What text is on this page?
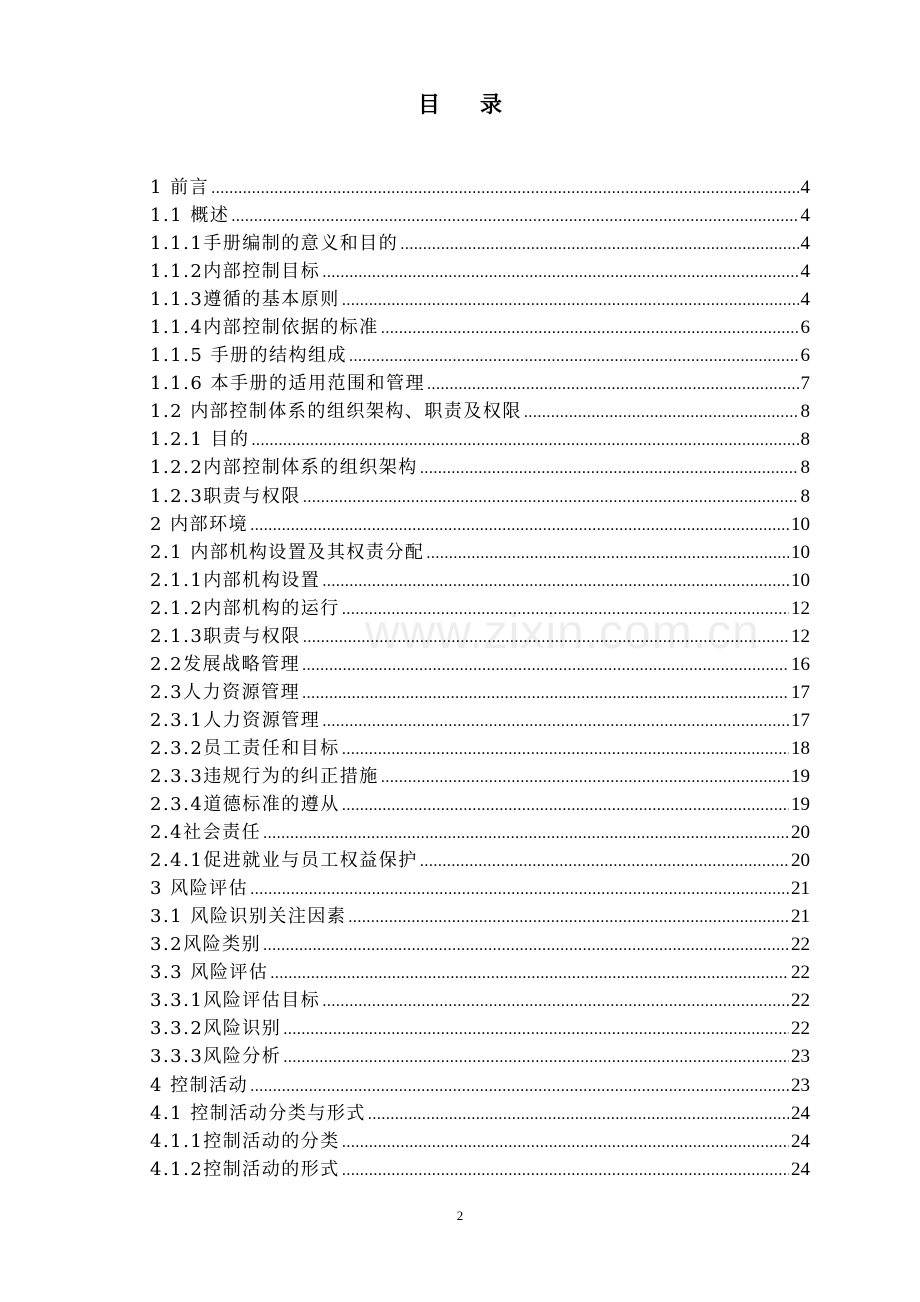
目录
1 前言 .....	4
1.1 概述 .....	4
1.1.1手册编制的意义和目的 .....	4
1.1.2内部控制目标 .....	4
1.1.3遵循的基本原则 .....	4
1.1.4内部控制依据的标准 .....	6
1.1.5 手册的结构组成 .....	6
1.1.6 本手册的适用范围和管理 .....	7
1.2 内部控制体系的组织架构、职责及权限 .....	8
1.2.1 目的 .....	8
1.2.2内部控制体系的组织架构 .....	8
1.2.3职责与权限 .....	8
2 内部环境 .....	10
2.1 内部机构设置及其权责分配 .....	10
2.1.1内部机构设置 .....	10
2.1.2内部机构的运行 .....	12
2.1.3职责与权限 .....	12
2.2发展战略管理 .....	16
2.3人力资源管理 .....	17
2.3.1人力资源管理 .....	17
2.3.2员工责任和目标 .....	18
2.3.3违规行为的纠正措施 .....	19
2.3.4道德标准的遵从 .....	19
2.4社会责任 .....	20
2.4.1促进就业与员工权益保护 .....	20
3 风险评估 .....	21
3.1 风险识别关注因素 .....	21
3.2风险类别 .....	22
3.3 风险评估 .....	22
3.3.1风险评估目标 .....	22
3.3.2风险识别 .....	22
3.3.3风险分析 .....	23
4 控制活动 .....	23
4.1 控制活动分类与形式 .....	24
4.1.1控制活动的分类 .....	24
4.1.2控制活动的形式 .....	24
www.zixin.com.cn
2
